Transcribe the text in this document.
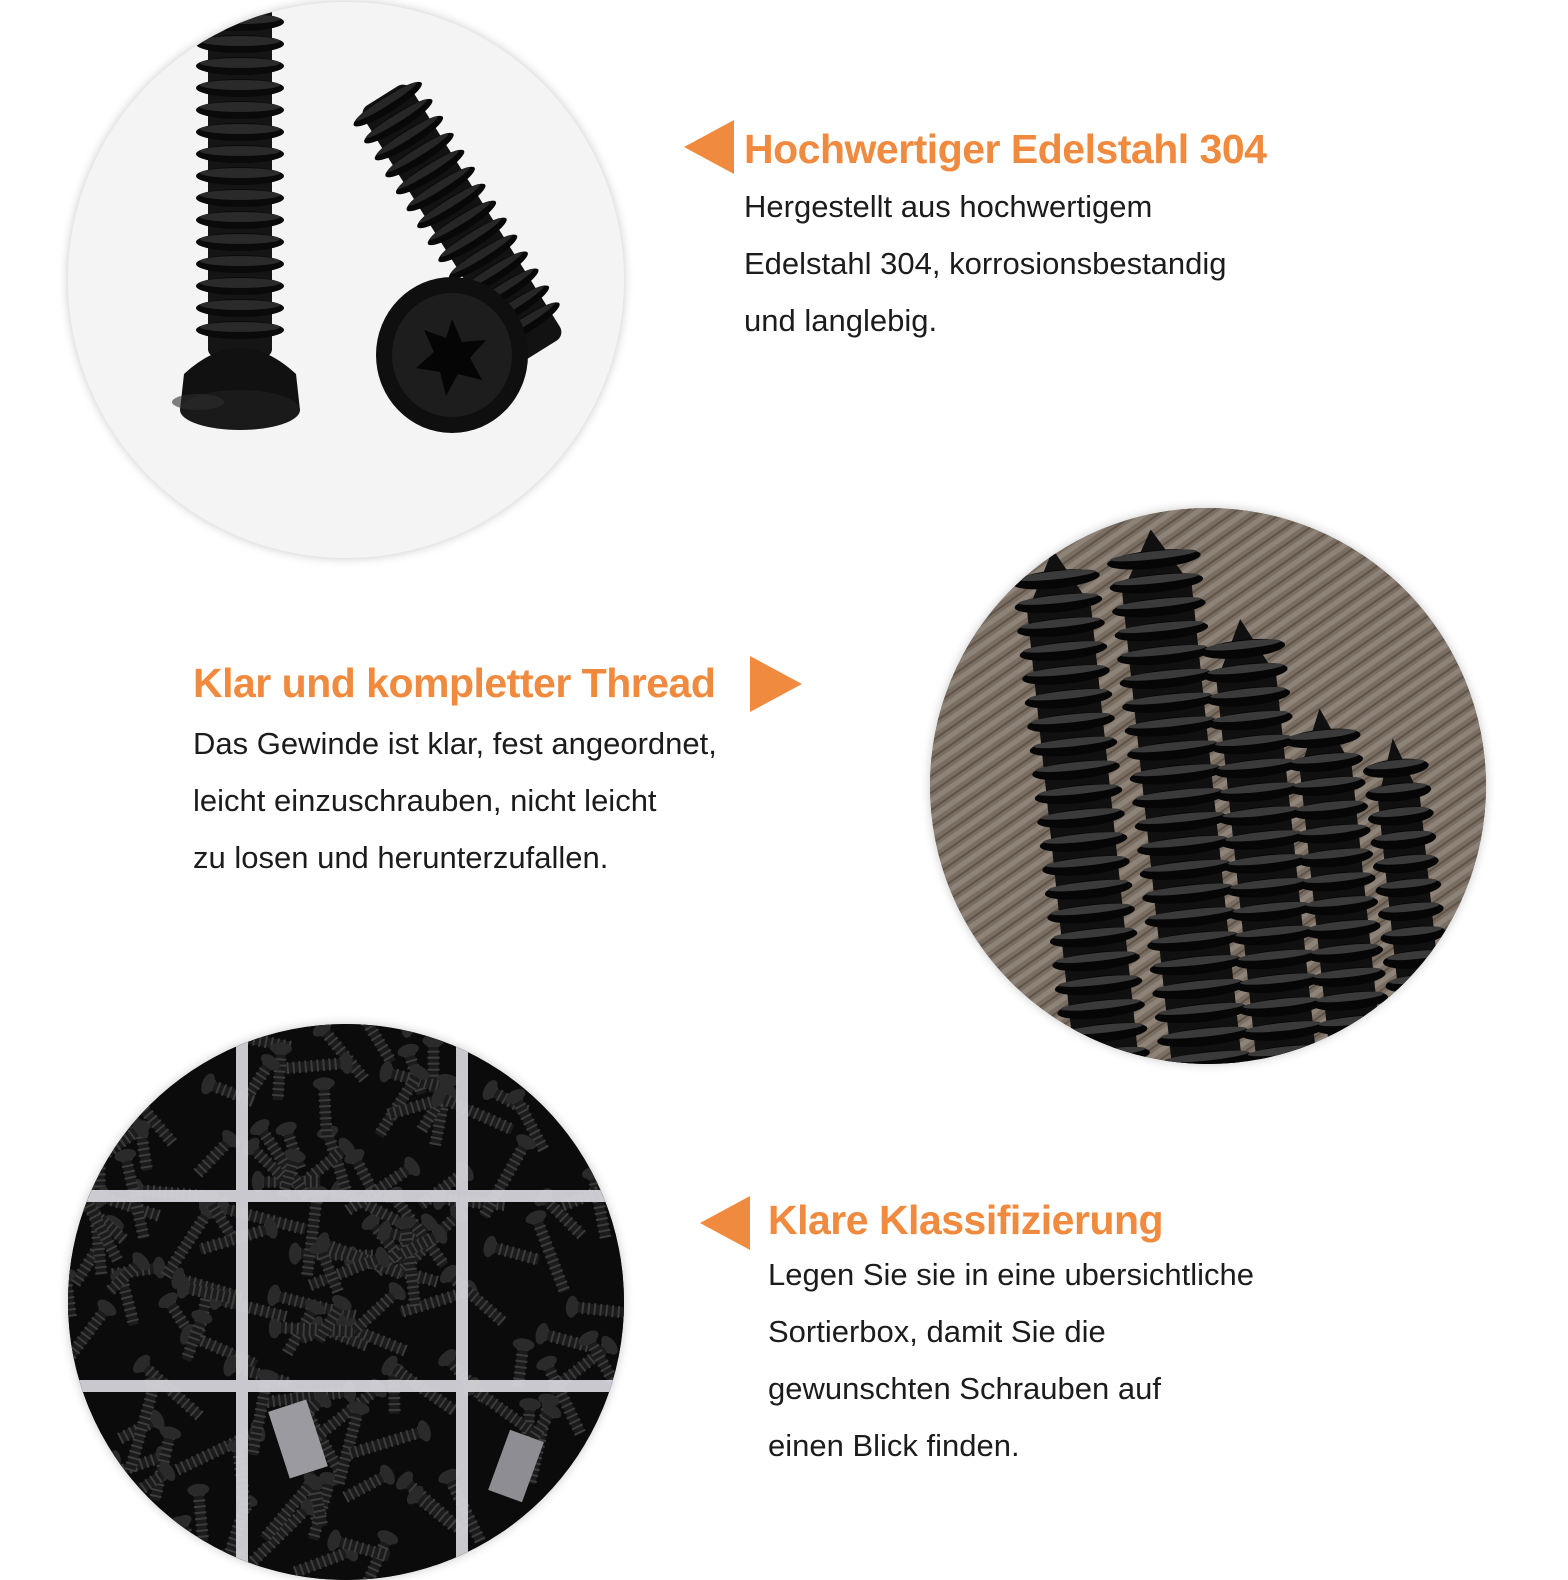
Hochwertiger Edelstahl 304
Hergestellt aus hochwertigem
Edelstahl 304, korrosionsbestandig
und langlebig.
Klar und kompletter Thread
Das Gewinde ist klar, fest angeordnet,
leicht einzuschrauben, nicht leicht
zu losen und herunterzufallen.
Klare Klassifizierung
Legen Sie sie in eine ubersichtliche
Sortierbox, damit Sie die
gewunschten Schrauben auf
einen Blick finden.
